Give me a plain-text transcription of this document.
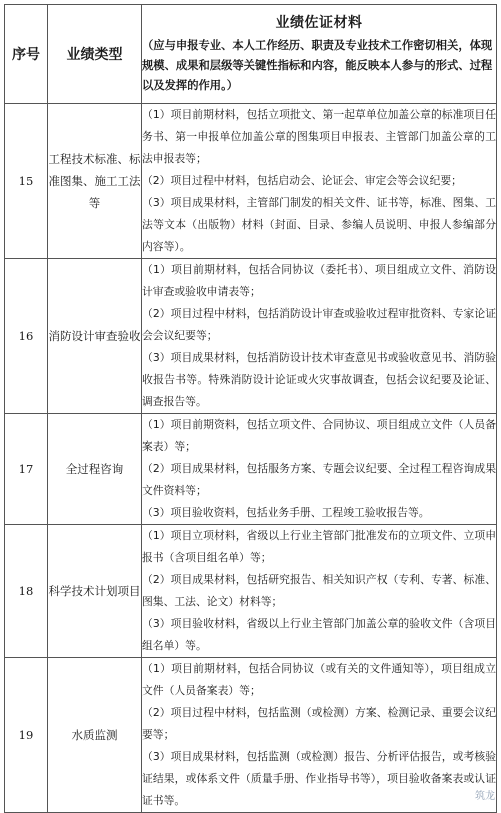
序号	业绩类型	业绩佐证材料
（应与申报专业、本人工作经历、职责及专业技术工作密切相关，体现规模、成果和层级等关键性指标和内容，能反映本人参与的形式、过程以及发挥的作用。）

15	工程技术标准、标准图集、施工工法等	（1）项目前期材料，包括立项批文、第一起草单位加盖公章的标准项目任务书、第一申报单位加盖公章的图集项目申报表、主管部门加盖公章的工法申报表等；
（2）项目过程中材料，包括启动会、论证会、审定会等会议纪要；
（3）项目成果材料，主管部门制发的相关文件、证书等，标准、图集、工法等文本（出版物）材料（封面、目录、参编人员说明、申报人参编部分内容等）。

16	消防设计审查验收	（1）项目前期材料，包括合同协议（委托书）、项目组成立文件、消防设计审查或验收申请表等；
（2）项目过程中材料，包括消防设计审查或验收过程审批资料、专家论证会会议纪要等；
（3）项目成果材料，包括消防设计技术审查意见书或验收意见书、消防验收报告书等。特殊消防设计论证或火灾事故调查，包括会议纪要及论证、调查报告等。

17	全过程咨询	（1）项目前期资料，包括立项文件、合同协议、项目组成立文件（人员备案表）等；
（2）项目成果材料，包括服务方案、专题会议纪要、全过程工程咨询成果文件资料等；
（3）项目验收资料，包括业务手册、工程竣工验收报告等。

18	科学技术计划项目	（1）项目立项材料，省级以上行业主管部门批准发布的立项文件、立项申报书（含项目组名单）等；
（2）项目成果材料，包括研究报告、相关知识产权（专利、专著、标准、图集、工法、论文）材料等；
（3）项目验收材料，省级以上行业主管部门加盖公章的验收文件（含项目组名单）等。

19	水质监测	（1）项目前期材料，包括合同协议（或有关的文件通知等），项目组成立文件（人员备案表）等；
（2）项目过程中材料，包括监测（或检测）方案、检测记录、重要会议纪要等；
（3）项目成果材料，包括监测（或检测）报告、分析评估报告，或考核验证结果，或体系文件（质量手册、作业指导书等），项目验收备案表或认证证书等。	筑龙
